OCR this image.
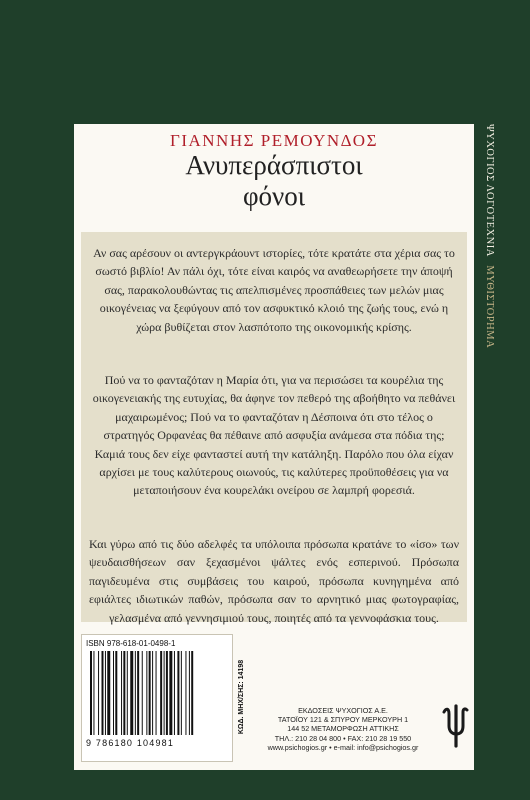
ΨΥΧΟΓΙΟΣ ΛΟΓΟΤΕΧΝΙΑ ΜΥΘΙΣΤΟΡΗΜΑ
ΓΙΑΝΝΗΣ ΡΕΜΟΥΝΔΟΣ
Ανυπεράσπιστοι
φόνοι

Αν σας αρέσουν οι αντεργκράουντ ιστορίες, τότε κρατάτε στα χέρια σας το σωστό βιβλίο! Αν πάλι όχι, τότε είναι καιρός να αναθεωρήσετε την άποψή σας, παρακολουθώντας τις απελπισμένες προσπάθειες των μελών μιας οικογένειας να ξεφύγουν από τον ασφυκτικό κλοιό της ζωής τους, ενώ η χώρα βυθίζεται στον λασπότοπο της οικονομικής κρίσης.

Πού να το φανταζόταν η Μαρία ότι, για να περισώσει τα κουρέλια της οικογενειακής της ευτυχίας, θα άφηνε τον πεθερό της αβοήθητο να πεθάνει μαχαιρωμένος; Πού να το φανταζόταν η Δέσποινα ότι στο τέλος ο στρατηγός Ορφανέας θα πέθαινε από ασφυξία ανάμεσα στα πόδια της; Καμιά τους δεν είχε φανταστεί αυτή την κατάληξη. Παρόλο που όλα είχαν αρχίσει με τους καλύτερους οιωνούς, τις καλύτερες προϋποθέσεις για να μεταποιήσουν ένα κουρελάκι ονείρου σε λαμπρή φορεσιά.

Και γύρω από τις δύο αδελφές τα υπόλοιπα πρόσωπα κρατάνε το «ίσο» των ψευδαισθήσεων σαν ξεχασμένοι ψάλτες ενός εσπερινού. Πρόσωπα παγιδευμένα στις συμβάσεις του καιρού, πρόσωπα κυνηγημένα από εφιάλτες ιδιωτικών παθών, πρόσωπα σαν το αρνητικό μιας φωτογραφίας, γελασμένα από γεννησιμιού τους, ποιητές από τα γεννοφάσκια τους.

ISBN 978-618-01-0498-1
9 786180 104981
ΚΩΔ. ΜΗΧ/ΣΗΣ: 14198	ΕΚΔΟΣΕΙΣ ΨΥΧΟΓΙΟΣ Α.Ε.
ΤΑΤΟΪΟΥ 121 & ΣΠΥΡΟΥ ΜΕΡΚΟΥΡΗ 1
144 52 ΜΕΤΑΜΟΡΦΩΣΗ ΑΤΤΙΚΗΣ
ΤΗΛ.: 210 28 04 800 • FAX: 210 28 19 550
www.psichogios.gr • e-mail: info@psichogios.gr
